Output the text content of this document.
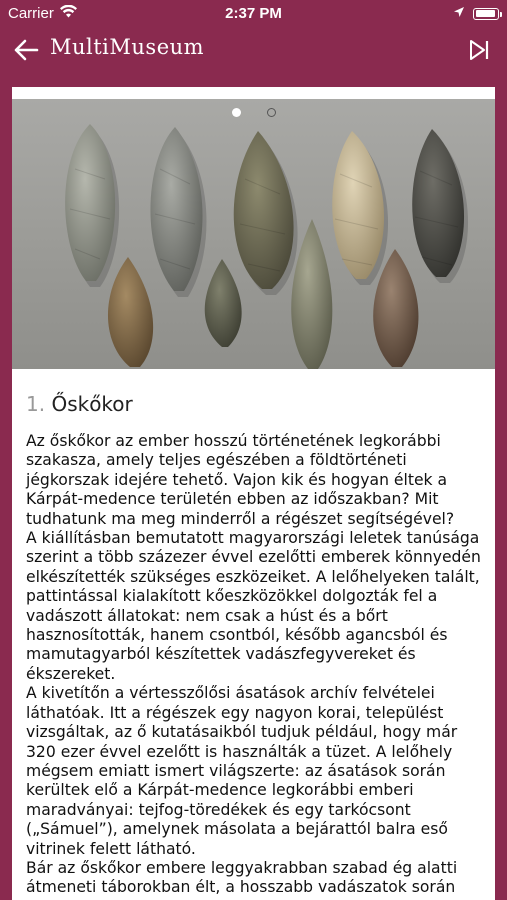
Carrier	2:37 PM
MultiMuseum
1. Őskőkor

Az őskőkor az ember hosszú történetének legkorábbi szakasza, amely teljes egészében a földtörténeti jégkorszak idejére tehető. Vajon kik és hogyan éltek a Kárpát-medence területén ebben az időszakban? Mit tudhatunk ma meg minderről a régészet segítségével?

A kiállításban bemutatott magyarországi leletek tanúsága szerint a több százezer évvel ezelőtti emberek könnyedén elkészítették szükséges eszközeiket. A lelőhelyeken talált, pattintással kialakított kőeszközökkel dolgozták fel a vadászott állatokat: nem csak a húst és a bőrt hasznosították, hanem csontból, később agancsból és mamutagyarból készítettek vadászfegyvereket és ékszereket.

A kivetítőn a vértesszőlősi ásatások archív felvételei láthatóak. Itt a régészek egy nagyon korai, települést vizsgáltak, az ő kutatásaikból tudjuk például, hogy már 320 ezer évvel ezelőtt is használták a tüzet. A lelőhely mégsem emiatt ismert világszerte: az ásatások során kerültek elő a Kárpát-medence legkorábbi emberi maradványai: tejfog-töredékek és egy tarkócsont („Sámuel”), amelynek másolata a bejárattól balra eső vitrinek felett látható.

Bár az őskőkor embere leggyakrabban szabad ég alatti átmeneti táborokban élt, a hosszabb vadászatok során
